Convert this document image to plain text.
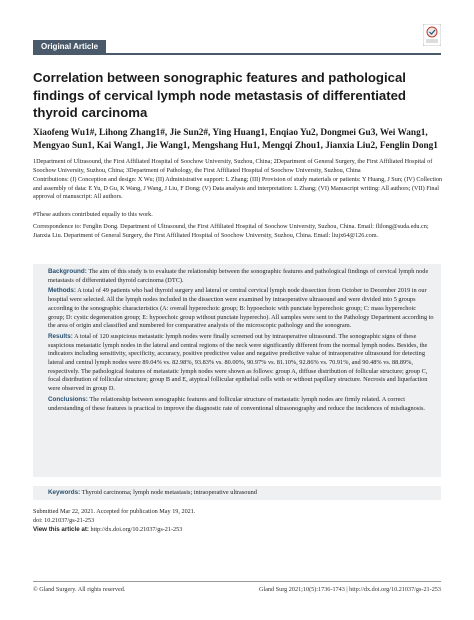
Original Article
Correlation between sonographic features and pathological findings of cervical lymph node metastasis of differentiated thyroid carcinoma
Xiaofeng Wu1#, Lihong Zhang1#, Jie Sun2#, Ying Huang1, Enqiao Yu2, Dongmei Gu3, Wei Wang1, Mengyao Sun1, Kai Wang1, Jie Wang1, Mengshang Hu1, Mengqi Zhou1, Jianxia Liu2, Fenglin Dong1
1Department of Ultrasound, the First Affiliated Hospital of Soochow University, Suzhou, China; 2Department of General Surgery, the First Affiliated Hospital of Soochow University, Suzhou, China; 3Department of Pathology, the First Affiliated Hospital of Soochow University, Suzhou, China
Contributions: (I) Conception and design: X Wu; (II) Administrative support: L Zhang; (III) Provision of study materials or patients: Y Huang, J Sun; (IV) Collection and assembly of data: E Yu, D Gu, K Wang, J Wang, J Liu, F Dong; (V) Data analysis and interpretation: L Zhang; (VI) Manuscript writing: All authors; (VII) Final approval of manuscript: All authors.
#These authors contributed equally to this work.
Correspondence to: Fenglin Dong. Department of Ultrasound, the First Affiliated Hospital of Soochow University, Suzhou, China. Email: flilong@suda.edu.cn; Jianxia Liu. Department of General Surgery, the First Affiliated Hospital of Soochow University, Suzhou, China. Email: liujx64@126.com.

Background: The aim of this study is to evaluate the relationship between the sonographic features and pathological findings of cervical lymph node metastasis of differentiated thyroid carcinoma (DTC).

Methods: A total of 49 patients who had thyroid surgery and lateral or central cervical lymph node dissection from October to December 2019 in our hospital were selected. All the lymph nodes included in the dissection were examined by intraoperative ultrasound and were divided into 5 groups according to the sonographic characteristics (A: overall hyperechoic group; B: hypoechoic with punctate hyperechoic group; C: mass hyperechoic group; D: cystic degeneration group; E: hypoechoic group without punctate hyperecho). All samples were sent to the Pathology Department according to the area of origin and classified and numbered for comparative analysis of the microscopic pathology and the sonogram.

Results: A total of 120 suspicious metastatic lymph nodes were finally screened out by intraoperative ultrasound. The sonographic signs of these suspicious metastatic lymph nodes in the lateral and central regions of the neck were significantly different from the normal lymph nodes. Besides, the indicators including sensitivity, specificity, accuracy, positive predictive value and negative predictive value of intraoperative ultrasound for detecting lateral and central lymph nodes were 89.04% vs. 82.98%, 93.83% vs. 80.00%, 90.97% vs. 81.10%, 92.86% vs. 70.91%, and 90.48% vs. 88.89%, respectively. The pathological features of metastatic lymph nodes were shown as follows: group A, diffuse distribution of follicular structure; group C, focal distribution of follicular structure; group B and E, atypical follicular epithelial cells with or without papillary structure. Necrosis and liquefaction were observed in group D.

Conclusions: The relationship between sonographic features and follicular structure of metastatic lymph nodes are firmly related. A correct understanding of these features is practical to improve the diagnostic rate of conventional ultrasonography and reduce the incidences of misdiagnosis.

Keywords: Thyroid carcinoma; lymph node metastasis; intraoperative ultrasound
Submitted Mar 22, 2021. Accepted for publication May 19, 2021.
doi: 10.21037/gs-21-253
View this article at: http://dx.doi.org/10.21037/gs-21-253
© Gland Surgery. All rights reserved.	Gland Surg 2021;10(5):1736-1743 | http://dx.doi.org/10.21037/gs-21-253
